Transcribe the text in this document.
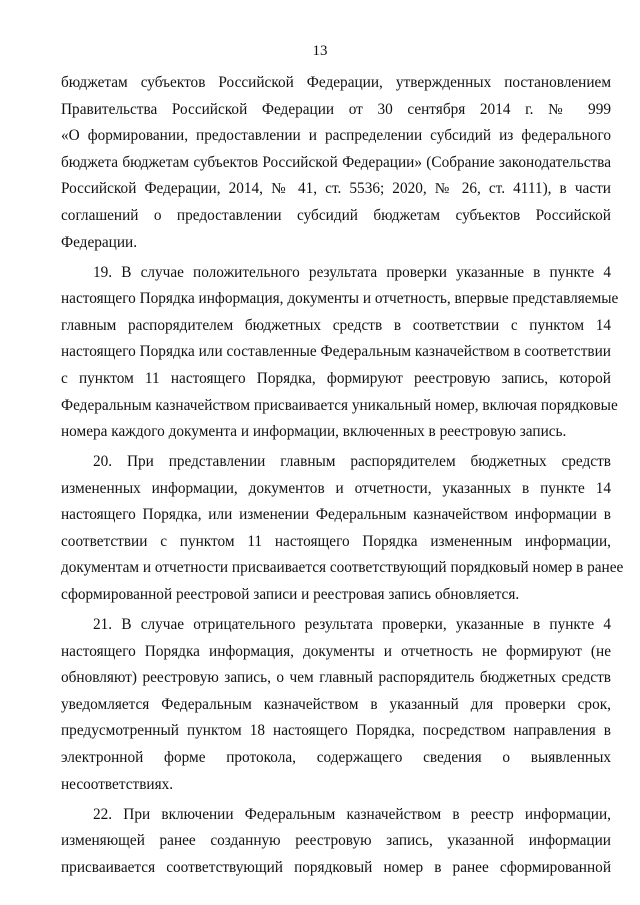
13
бюджетам субъектов Российской Федерации, утвержденных постановлением
Правительства Российской Федерации от 30 сентября 2014 г. № 999
«О формировании, предоставлении и распределении субсидий из федерального
бюджета бюджетам субъектов Российской Федерации» (Собрание законодательства
Российской Федерации, 2014, № 41, ст. 5536; 2020, № 26, ст. 4111), в части
соглашений о предоставлении субсидий бюджетам субъектов Российской
Федерации.
19. В случае положительного результата проверки указанные в пункте 4
настоящего Порядка информация, документы и отчетность, впервые представляемые
главным распорядителем бюджетных средств в соответствии с пунктом 14
настоящего Порядка или составленные Федеральным казначейством в соответствии
с пунктом 11 настоящего Порядка, формируют реестровую запись, которой
Федеральным казначейством присваивается уникальный номер, включая порядковые
номера каждого документа и информации, включенных в реестровую запись.
20. При представлении главным распорядителем бюджетных средств
измененных информации, документов и отчетности, указанных в пункте 14
настоящего Порядка, или изменении Федеральным казначейством информации в
соответствии с пунктом 11 настоящего Порядка измененным информации,
документам и отчетности присваивается соответствующий порядковый номер в ранее
сформированной реестровой записи и реестровая запись обновляется.
21. В случае отрицательного результата проверки, указанные в пункте 4
настоящего Порядка информация, документы и отчетность не формируют (не
обновляют) реестровую запись, о чем главный распорядитель бюджетных средств
уведомляется Федеральным казначейством в указанный для проверки срок,
предусмотренный пунктом 18 настоящего Порядка, посредством направления в
электронной форме протокола, содержащего сведения о выявленных
несоответствиях.
22. При включении Федеральным казначейством в реестр информации,
изменяющей ранее созданную реестровую запись, указанной информации
присваивается соответствующий порядковый номер в ранее сформированной
